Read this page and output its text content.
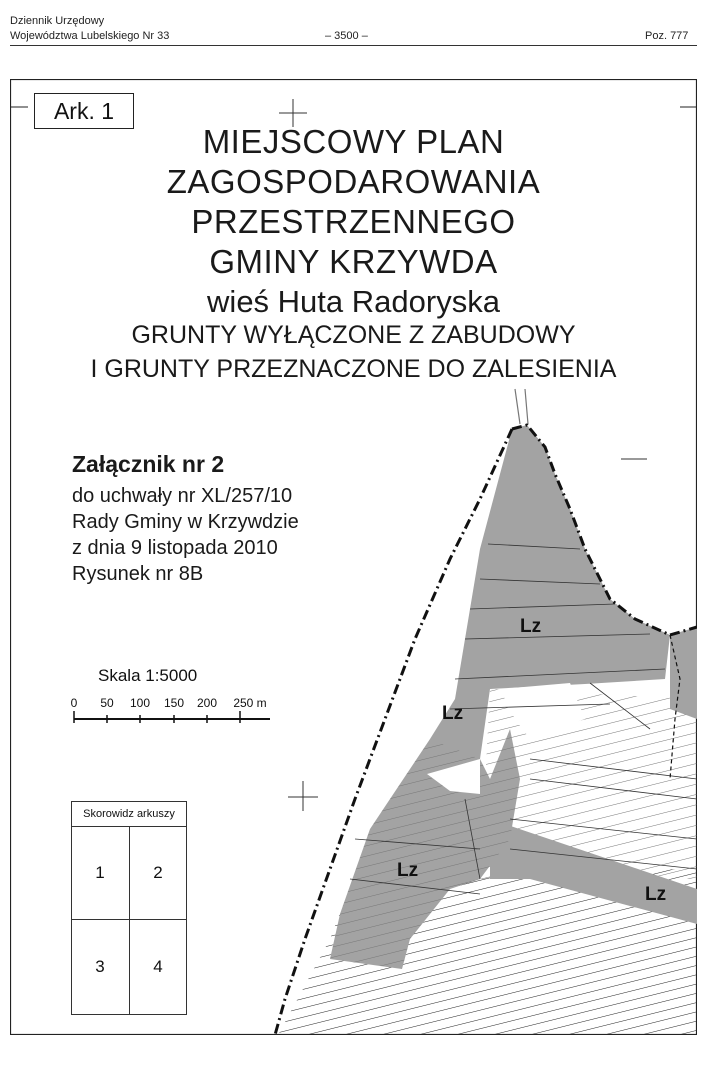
Dziennik Urzędowy
Województwa Lubelskiego Nr 33	– 3500 –	Poz. 777
Ark. 1
MIEJSCOWY PLAN
ZAGOSPODAROWANIA
PRZESTRZENNEGO
GMINY KRZYWDA
wieś Huta Radoryska
GRUNTY WYŁĄCZONE Z ZABUDOWY
I GRUNTY PRZEZNACZONE DO ZALESIENIA
Załącznik nr 2
do uchwały nr XL/257/10
Rady Gminy w Krzywdzie
z dnia 9 listopada 2010
Rysunek nr 8B
Skala 1:5000
0 50 100 150 200 250 m
Skorowidz arkuszy
1	2
3	4
Lz
Lz
Lz
Lz
